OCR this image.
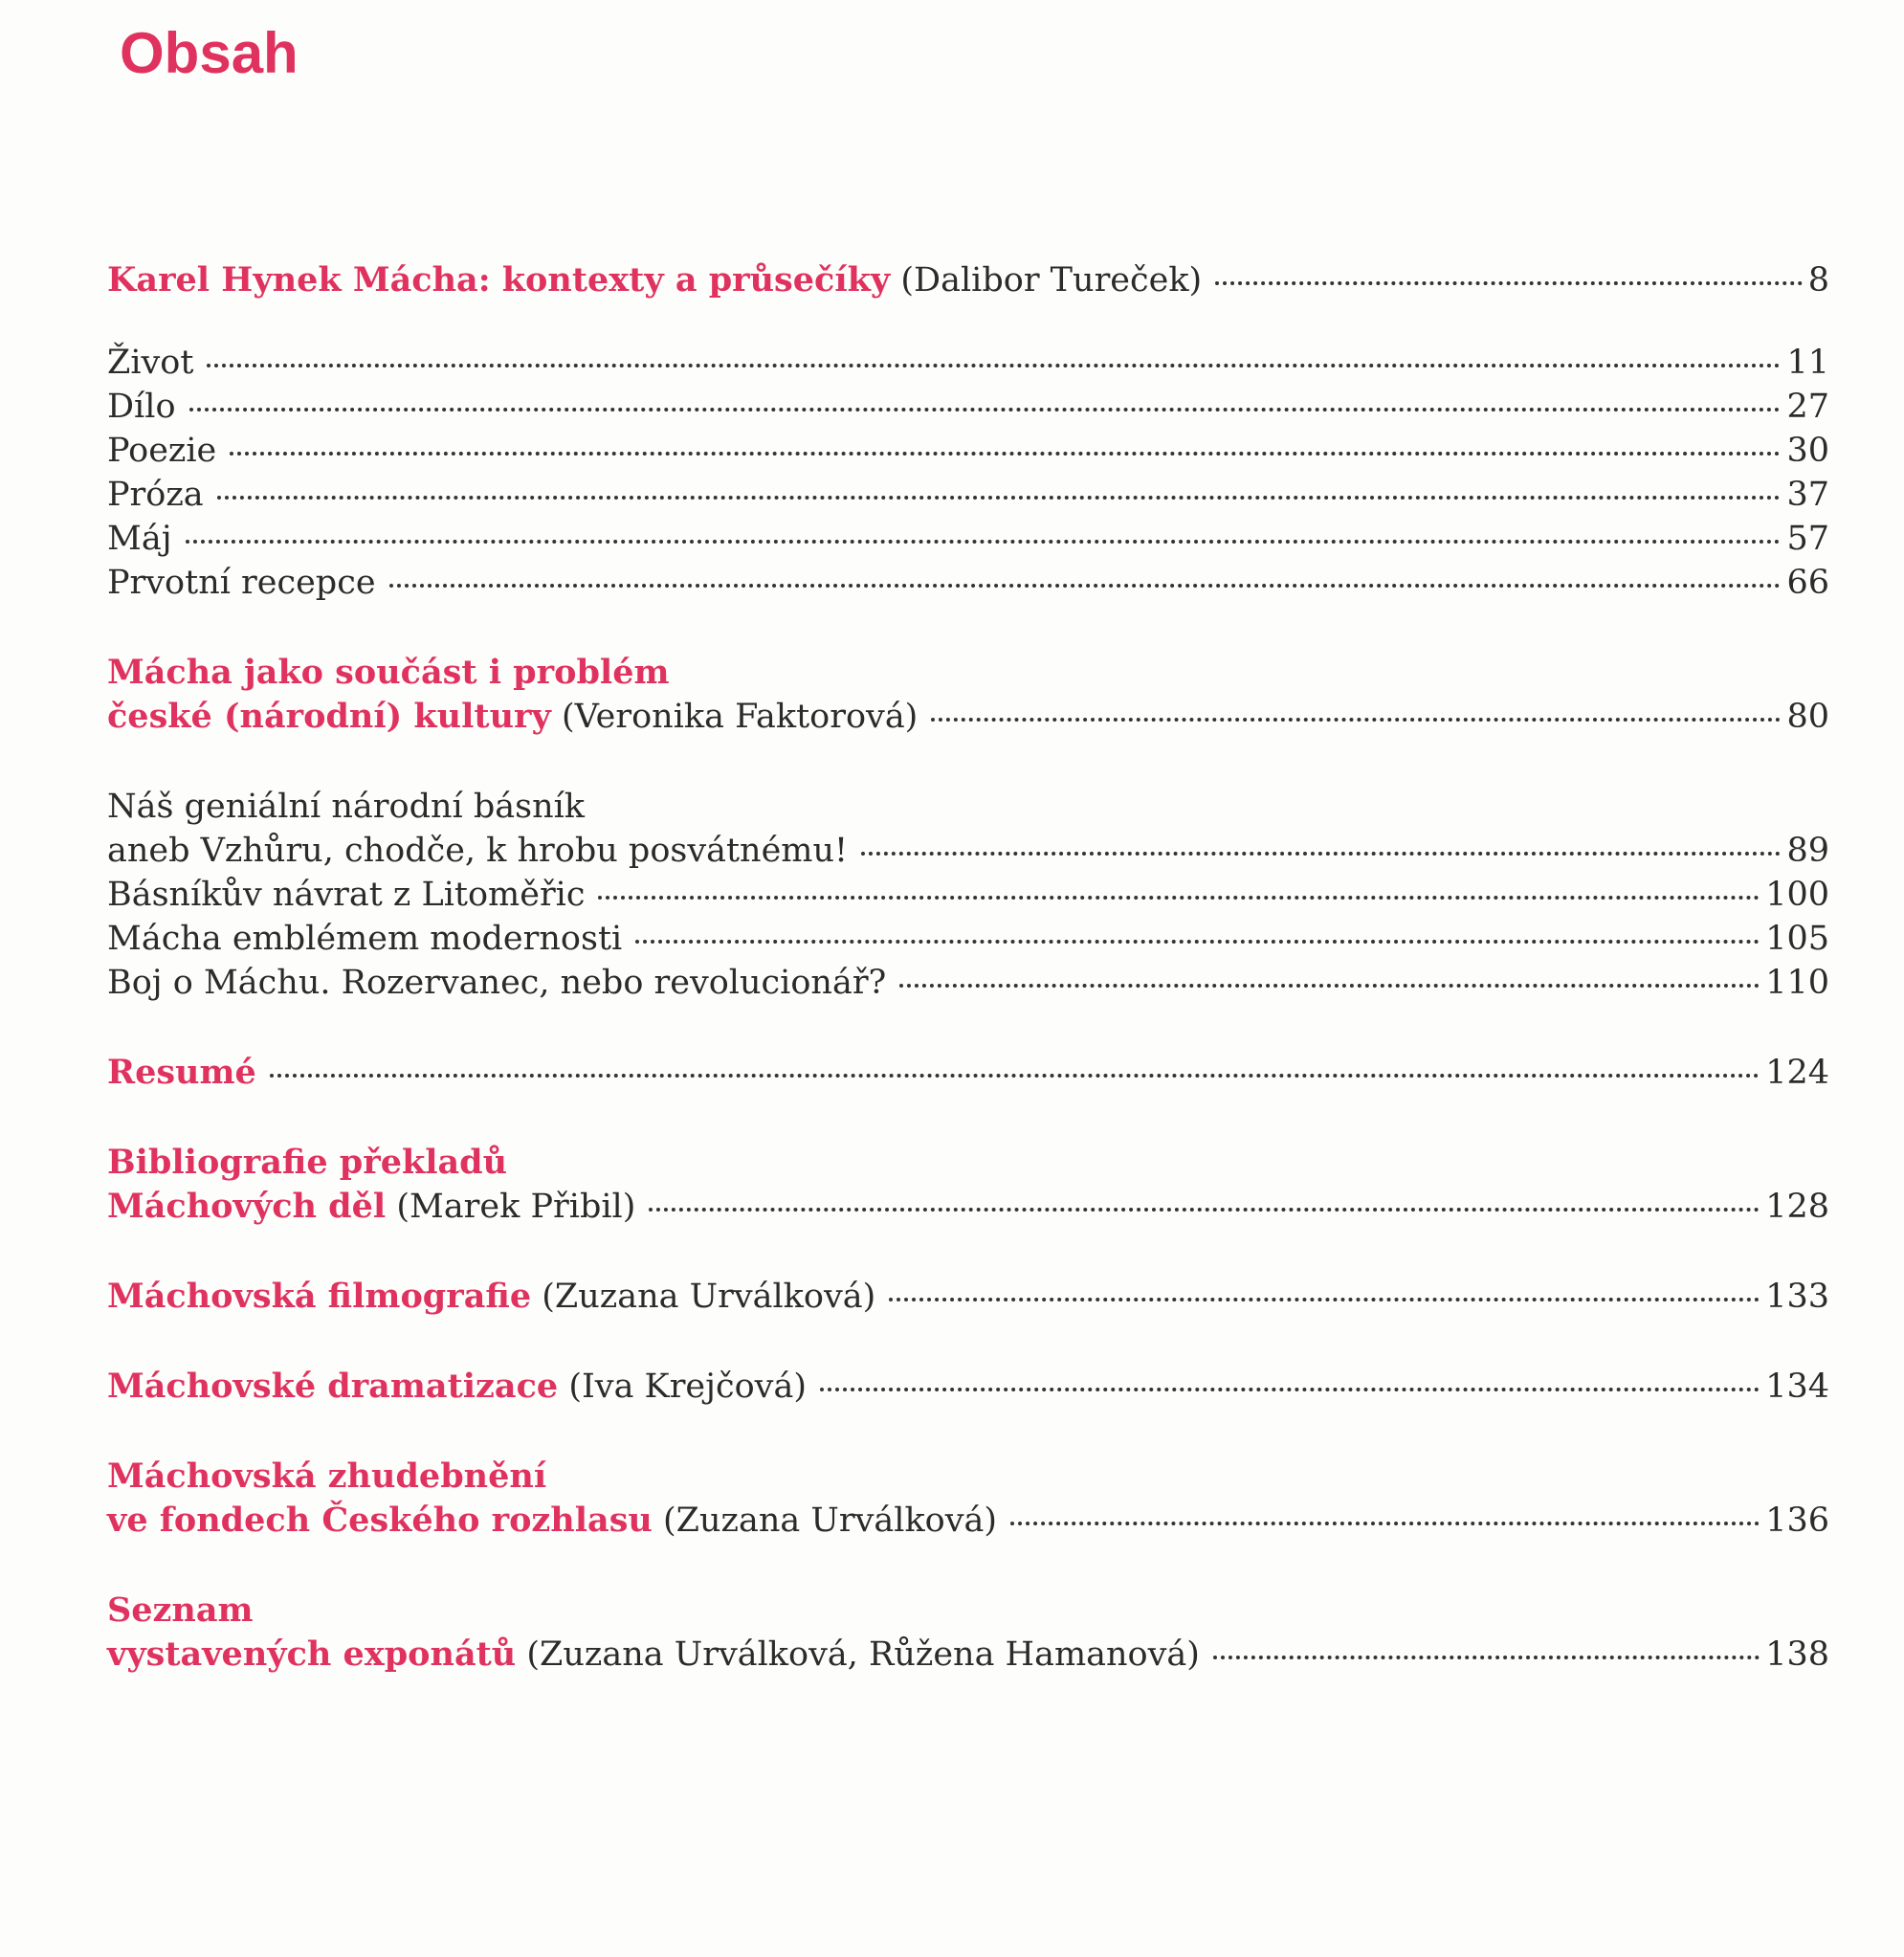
Obsah
Karel Hynek Mácha: kontexty a průsečíky
(Dalibor Tureček)	8
Život	11
Dílo	27
Poezie	30
Próza	37
Máj	57
Prvotní recepce	66
Mácha jako součást i problém
české (národní) kultury
(Veronika Faktorová)	80
Náš geniální národní básník
aneb Vzhůru, chodče, k hrobu posvátnému!	89
Básníkův návrat z Litoměřic	100
Mácha emblémem modernosti	105
Boj o Máchu. Rozervanec, nebo revolucionář?	110
Resumé	124
Bibliografie překladů
Máchových děl
(Marek Přibil)	128
Máchovská filmografie
(Zuzana Urválková)	133
Máchovské dramatizace
(Iva Krejčová)	134
Máchovská zhudebnění
ve fondech Českého rozhlasu
(Zuzana Urválková)	136
Seznam
vystavených exponátů
(Zuzana Urválková, Růžena Hamanová)	138
